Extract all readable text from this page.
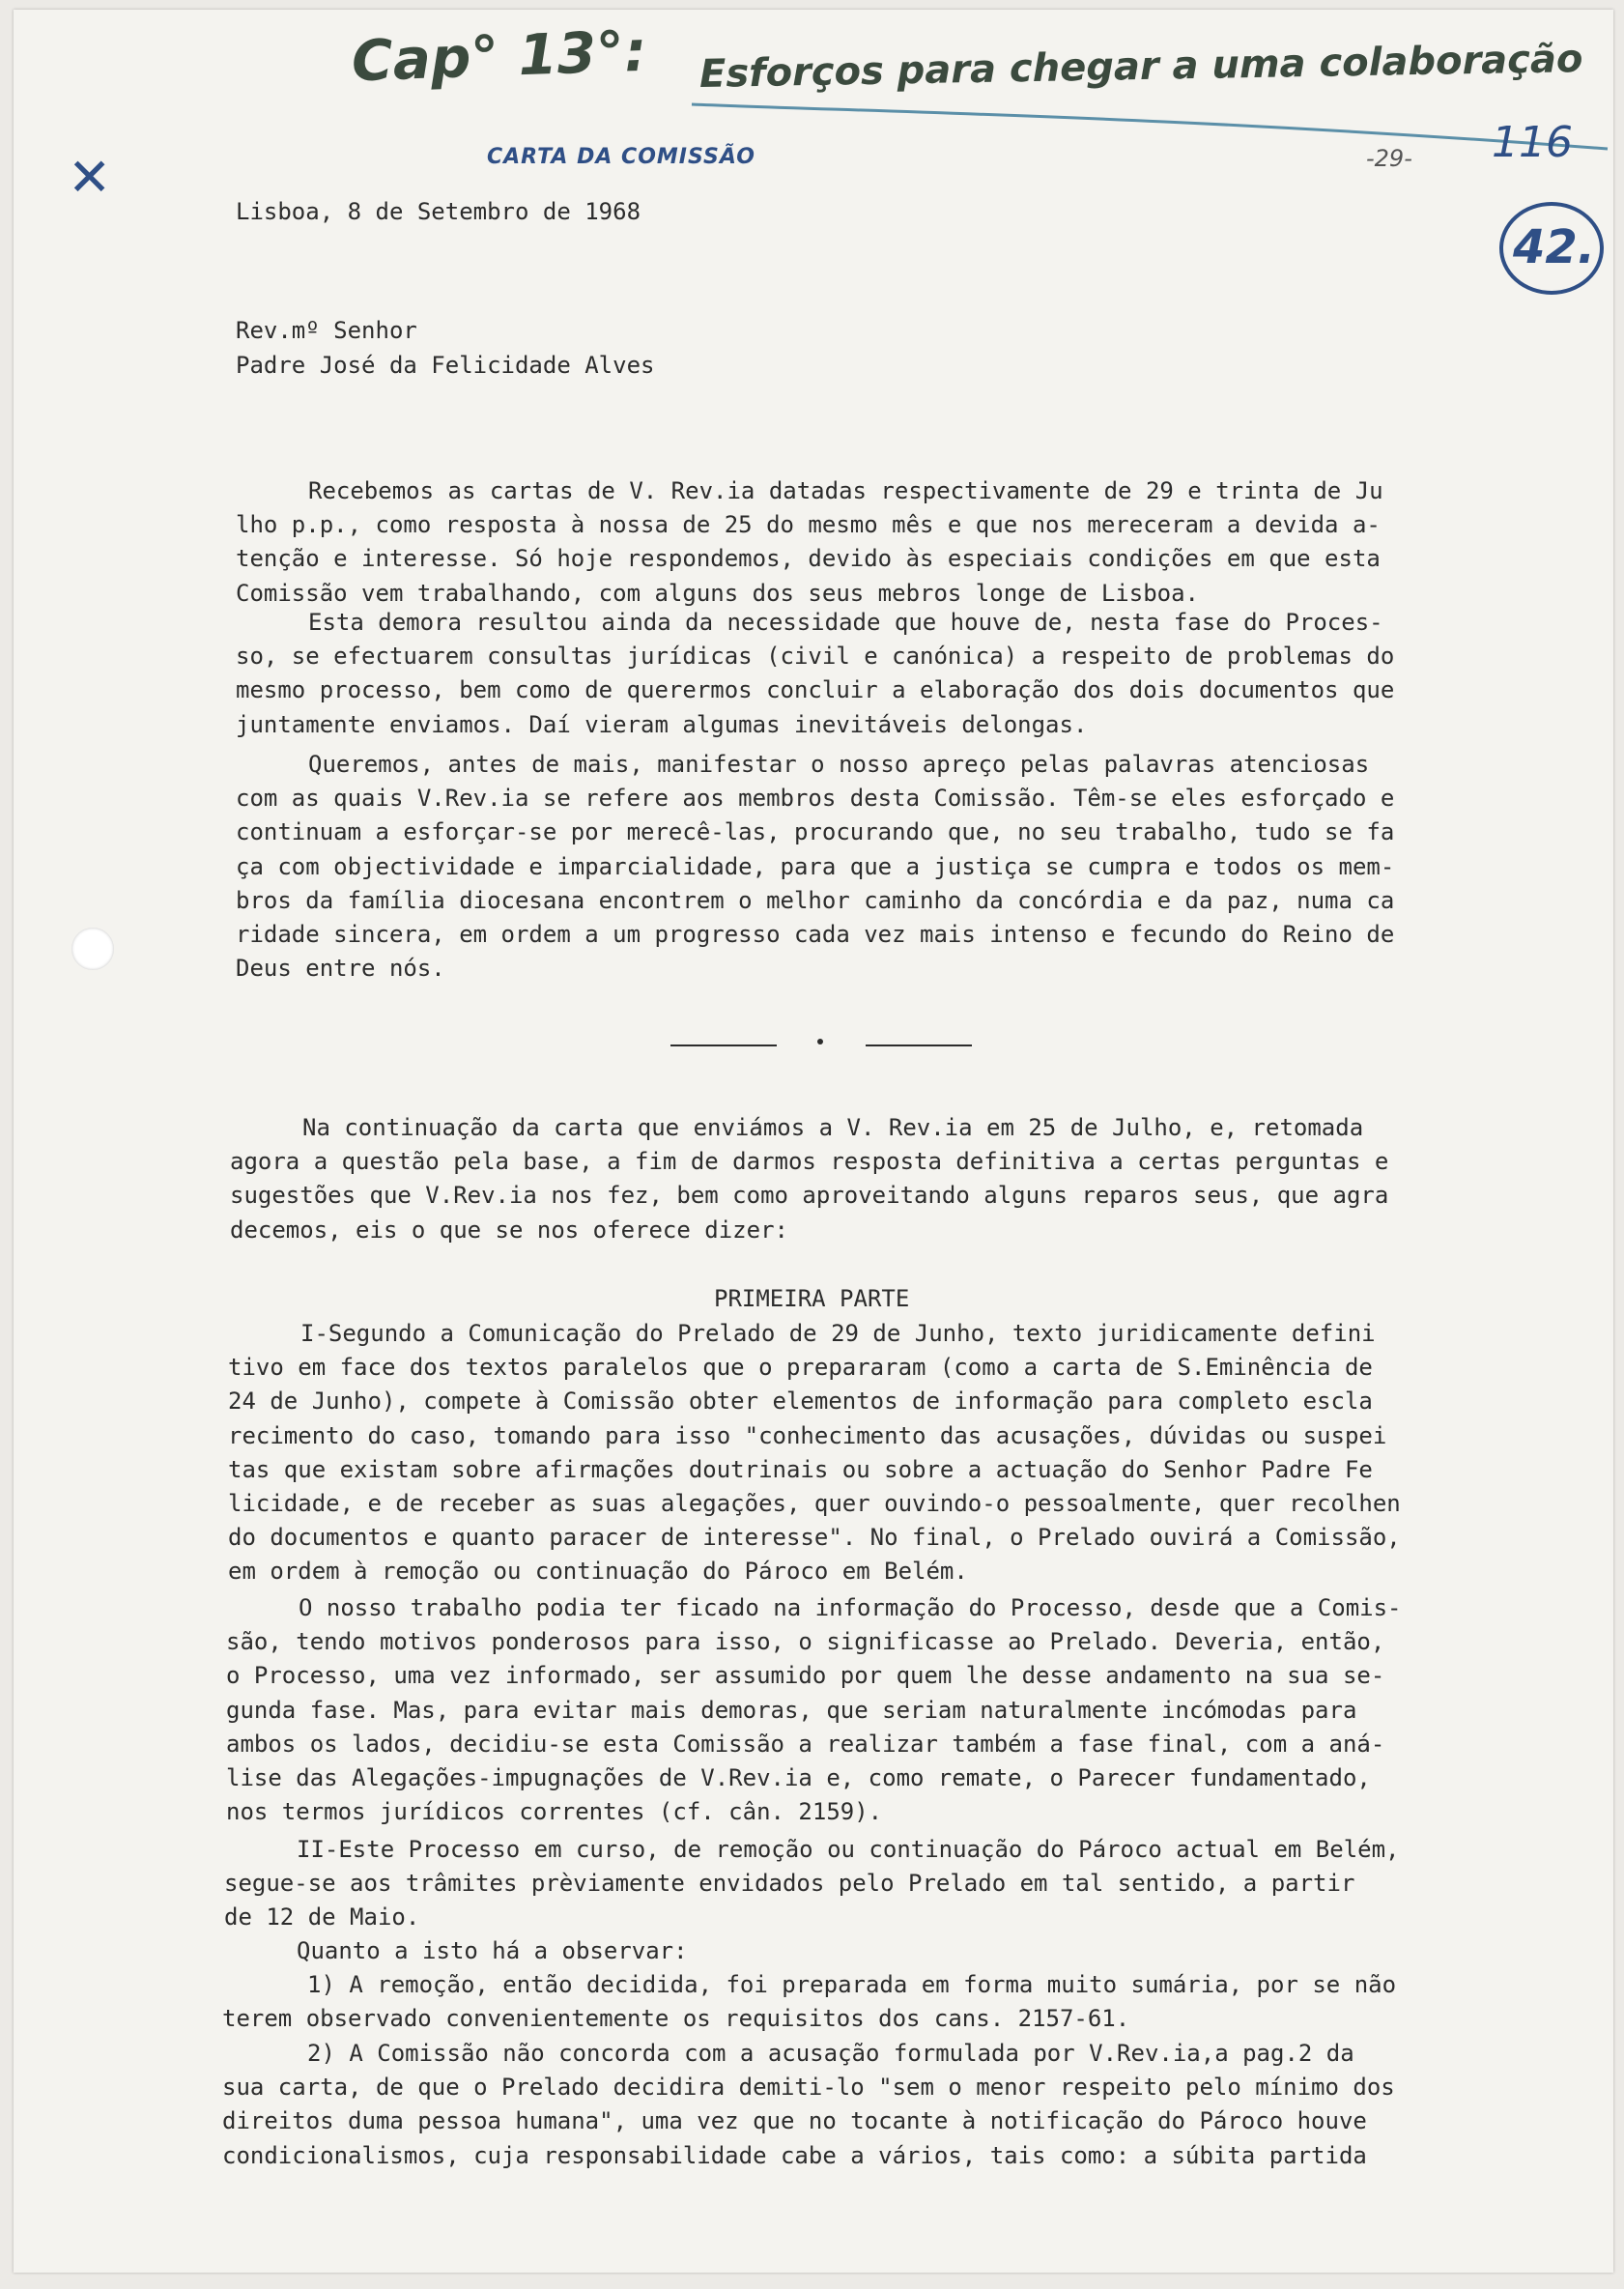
Cap° 13°: Esforços para chegar a uma colaboração
CARTA DA COMISSÃO	-29- 116
42.
✕
Lisboa, 8 de Setembro de 1968
Rev.mº Senhor
Padre José da Felicidade Alves
Recebemos as cartas de V. Rev.ia datadas respectivamente de 29 e trinta de Ju
lho p.p., como resposta à nossa de 25 do mesmo mês e que nos mereceram a devida a-
tenção e interesse. Só hoje respondemos, devido às especiais condições em que esta
Comissão vem trabalhando, com alguns dos seus mebros longe de Lisboa.
Esta demora resultou ainda da necessidade que houve de, nesta fase do Proces-
so, se efectuarem consultas jurídicas (civil e canónica) a respeito de problemas do
mesmo processo, bem como de querermos concluir a elaboração dos dois documentos que
juntamente enviamos. Daí vieram algumas inevitáveis delongas.
Queremos, antes de mais, manifestar o nosso apreço pelas palavras atenciosas
com as quais V.Rev.ia se refere aos membros desta Comissão. Têm-se eles esforçado e
continuam a esforçar-se por merecê-las, procurando que, no seu trabalho, tudo se fa
ça com objectividade e imparcialidade, para que a justiça se cumpra e todos os mem-
bros da família diocesana encontrem o melhor caminho da concórdia e da paz, numa ca
ridade sincera, em ordem a um progresso cada vez mais intenso e fecundo do Reino de
Deus entre nós.
Na continuação da carta que enviámos a V. Rev.ia em 25 de Julho, e, retomada
agora a questão pela base, a fim de darmos resposta definitiva a certas perguntas e
sugestões que V.Rev.ia nos fez, bem como aproveitando alguns reparos seus, que agra
decemos, eis o que se nos oferece dizer:
I-Segundo a Comunicação do Prelado de 29 de Junho, texto juridicamente defini
tivo em face dos textos paralelos que o prepararam (como a carta de S.Eminência de
24 de Junho), compete à Comissão obter elementos de informação para completo escla
recimento do caso, tomando para isso "conhecimento das acusações, dúvidas ou suspei
tas que existam sobre afirmações doutrinais ou sobre a actuação do Senhor Padre Fe
licidade, e de receber as suas alegações, quer ouvindo-o pessoalmente, quer recolhen
do documentos e quanto paracer de interesse". No final, o Prelado ouvirá a Comissão,
em ordem à remoção ou continuação do Pároco em Belém.
O nosso trabalho podia ter ficado na informação do Processo, desde que a Comis-
são, tendo motivos ponderosos para isso, o significasse ao Prelado. Deveria, então,
o Processo, uma vez informado, ser assumido por quem lhe desse andamento na sua se-
gunda fase. Mas, para evitar mais demoras, que seriam naturalmente incómodas para
ambos os lados, decidiu-se esta Comissão a realizar também a fase final, com a aná-
lise das Alegações-impugnações de V.Rev.ia e, como remate, o Parecer fundamentado,
nos termos jurídicos correntes (cf. cân. 2159).
II-Este Processo em curso, de remoção ou continuação do Pároco actual em Belém,
segue-se aos trâmites prèviamente envidados pelo Prelado em tal sentido, a partir
de 12 de Maio.
Quanto a isto há a observar:
1) A remoção, então decidida, foi preparada em forma muito sumária, por se não
terem observado convenientemente os requisitos dos cans. 2157-61.
2) A Comissão não concorda com a acusação formulada por V.Rev.ia,a pag.2 da
sua carta, de que o Prelado decidira demiti-lo "sem o menor respeito pelo mínimo dos
direitos duma pessoa humana", uma vez que no tocante à notificação do Pároco houve
condicionalismos, cuja responsabilidade cabe a vários, tais como: a súbita partida
PRIMEIRA PARTE
